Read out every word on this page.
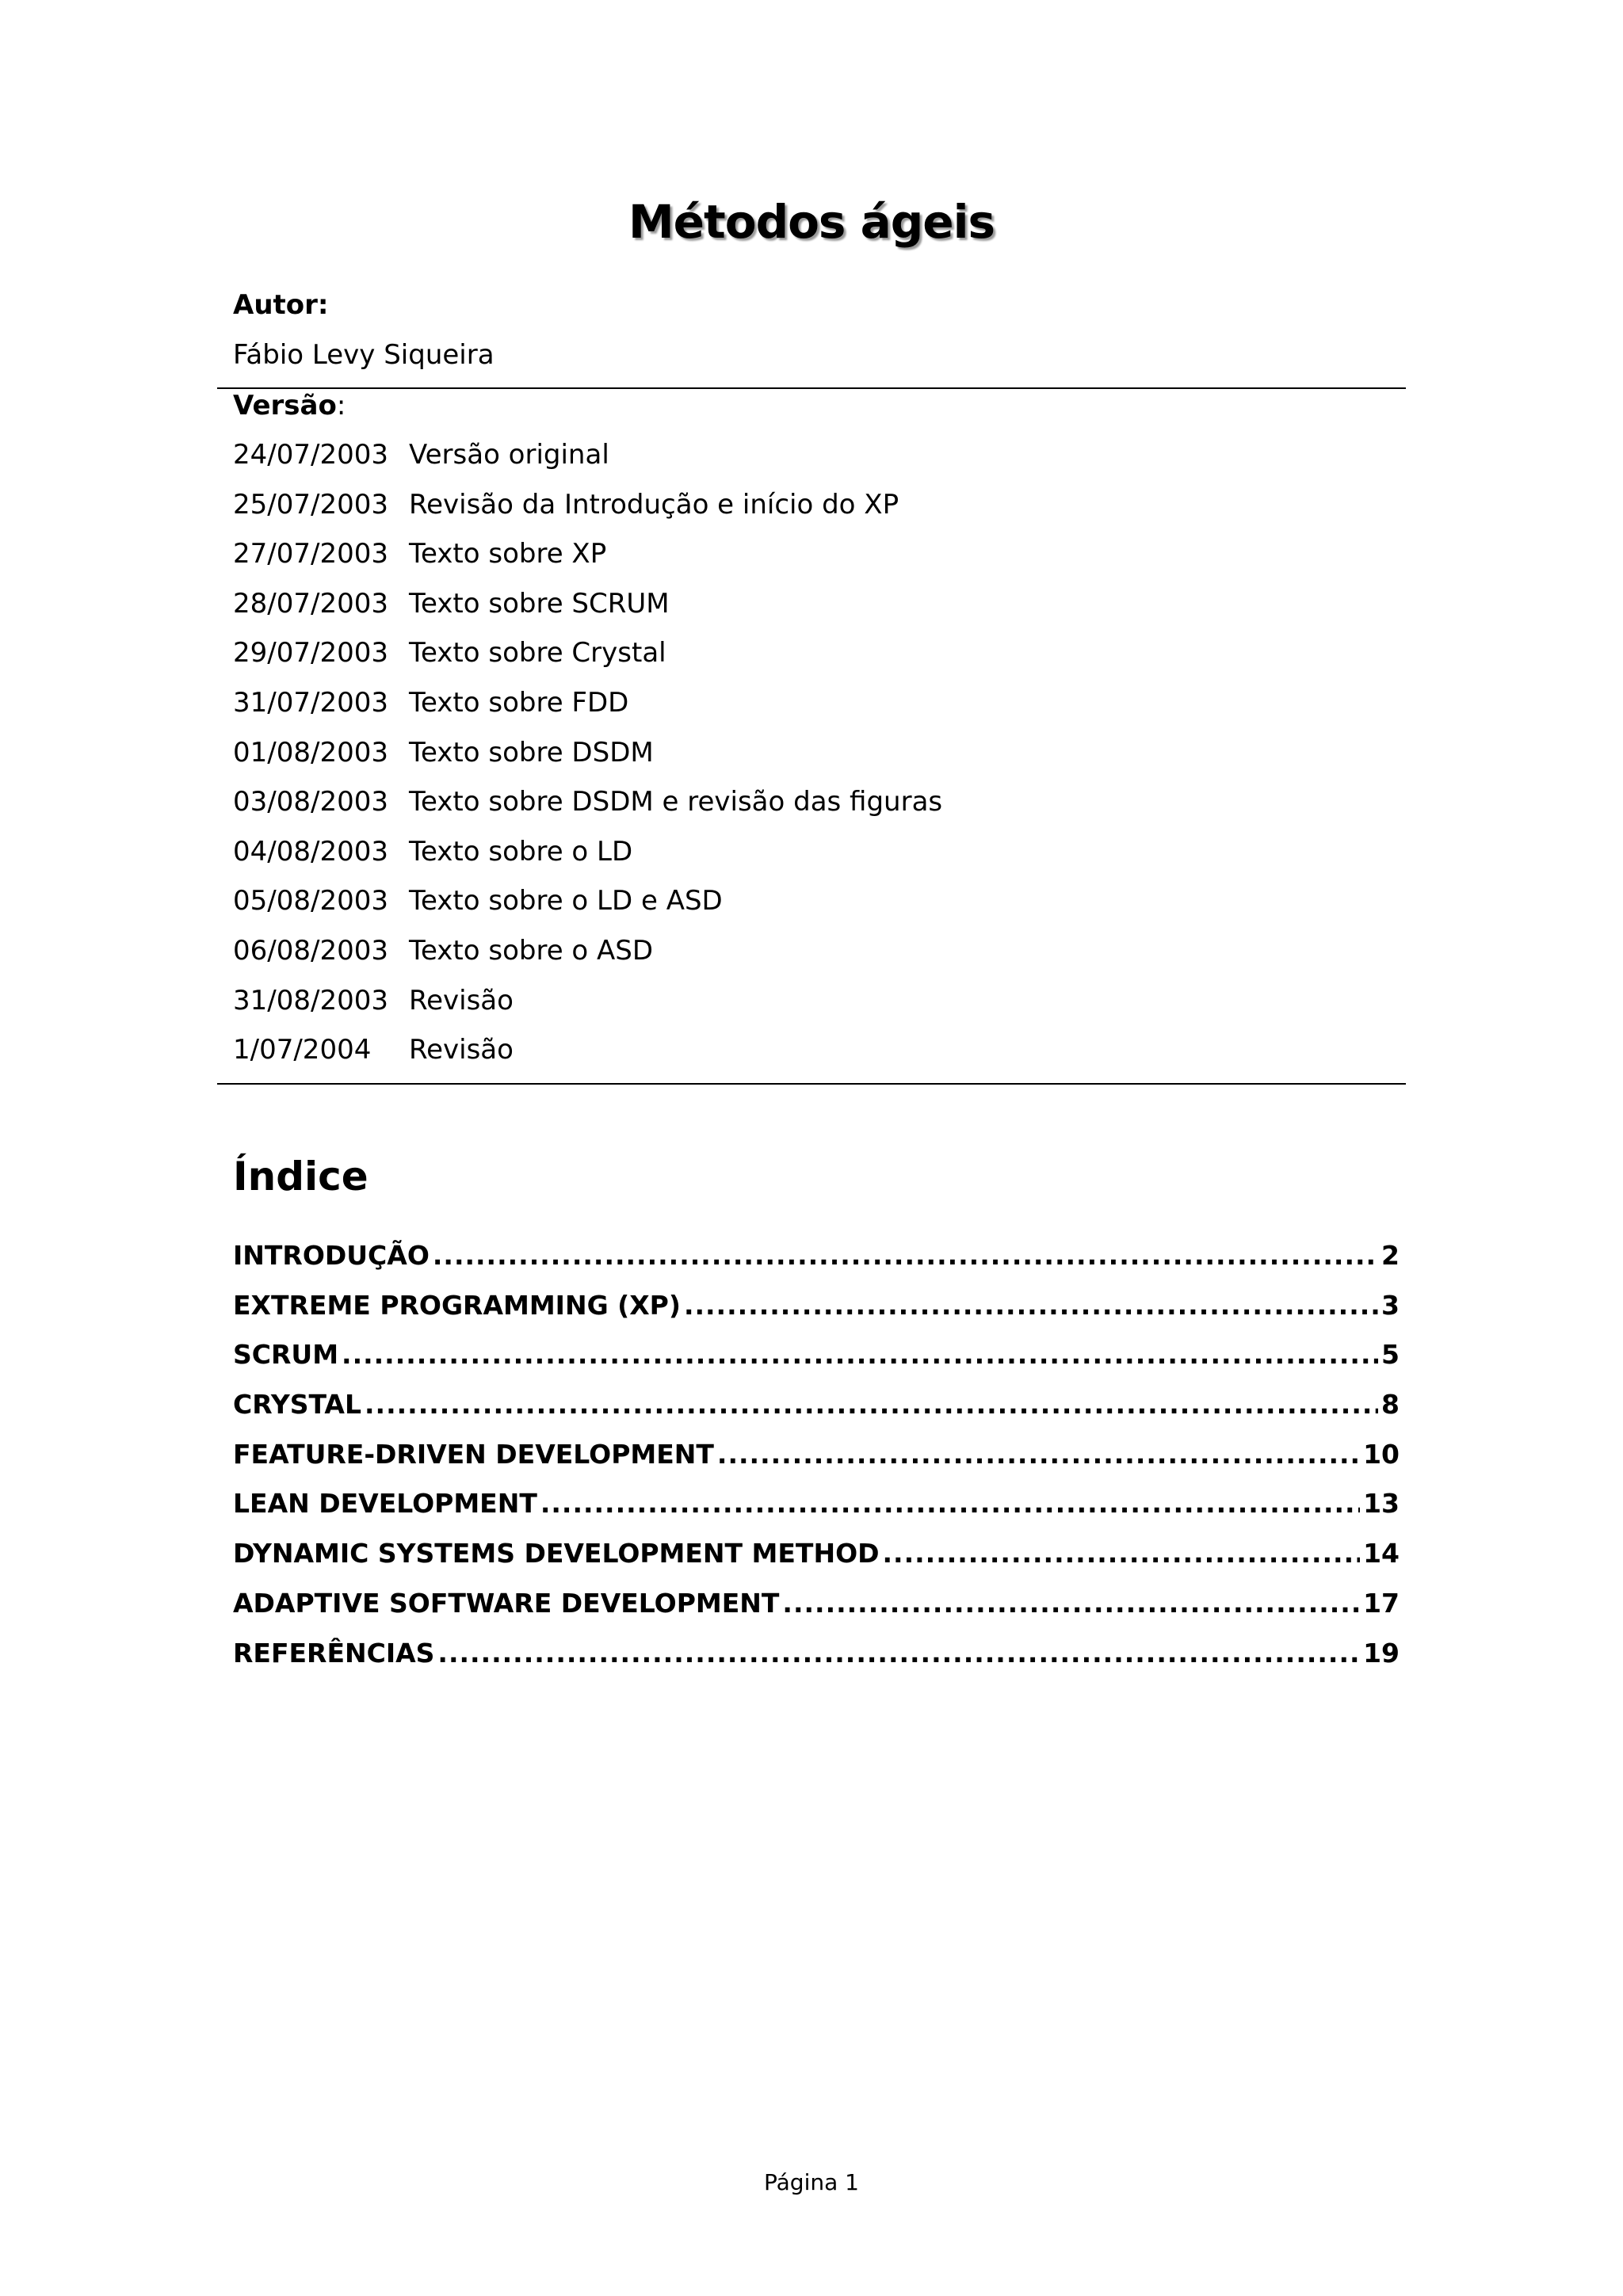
Métodos ágeis
Autor:
Fábio Levy Siqueira
Versão:
24/07/2003 Versão original
25/07/2003 Revisão da Introdução e início do XP
27/07/2003 Texto sobre XP
28/07/2003 Texto sobre SCRUM
29/07/2003 Texto sobre Crystal
31/07/2003 Texto sobre FDD
01/08/2003 Texto sobre DSDM
03/08/2003 Texto sobre DSDM e revisão das figuras
04/08/2003 Texto sobre o LD
05/08/2003 Texto sobre o LD e ASD
06/08/2003 Texto sobre o ASD
31/08/2003 Revisão
1/07/2004 Revisão
Índice
INTRODUÇÃO .....	2
EXTREME PROGRAMMING (XP) .....	3
SCRUM .....	5
CRYSTAL .....	8
FEATURE-DRIVEN DEVELOPMENT .....	10
LEAN DEVELOPMENT .....	13
DYNAMIC SYSTEMS DEVELOPMENT METHOD .....	14
ADAPTIVE SOFTWARE DEVELOPMENT .....	17
REFERÊNCIAS .....	19
Página 1
